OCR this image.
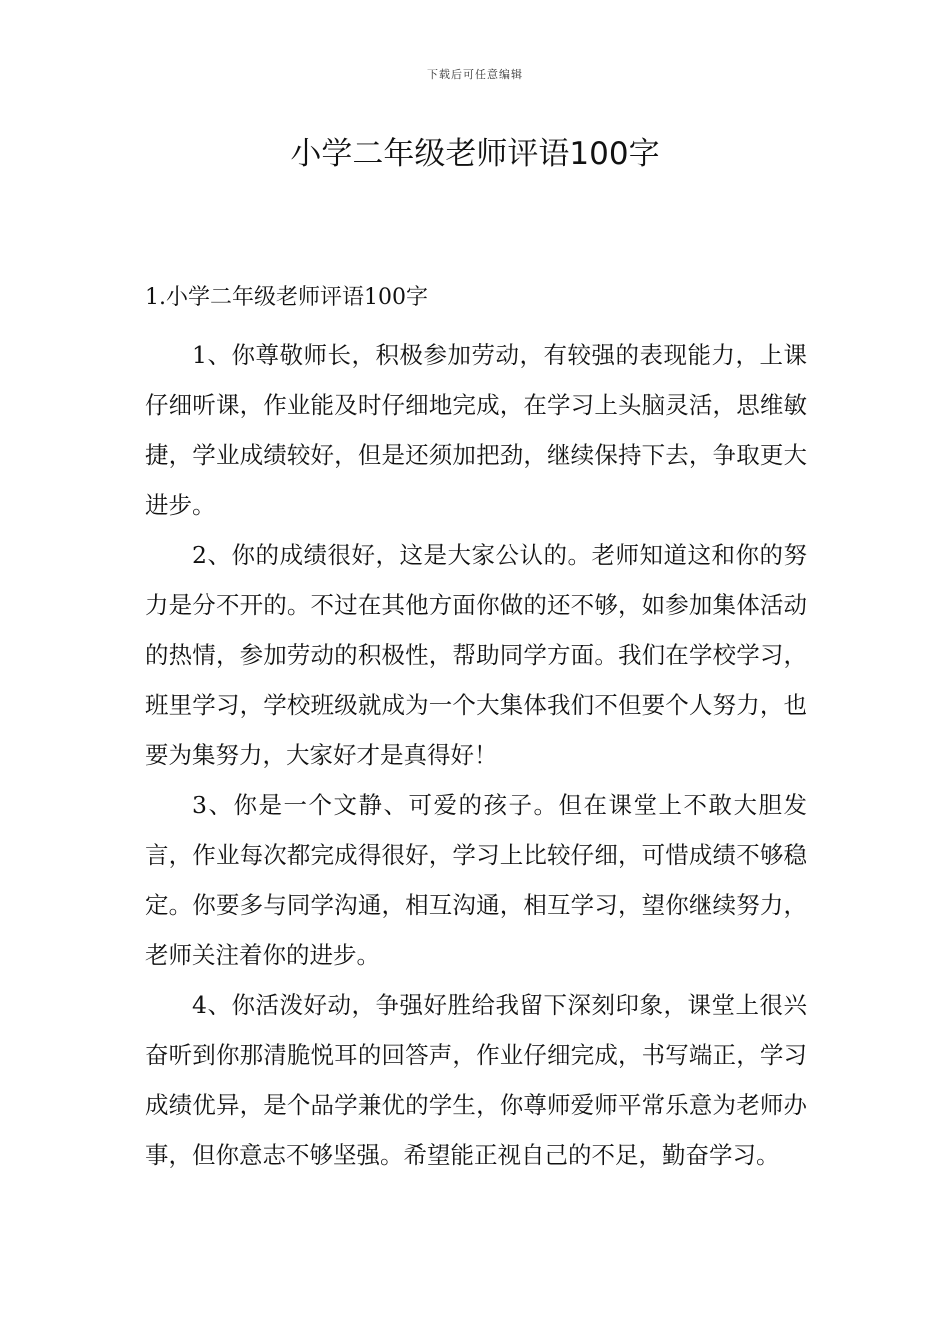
下载后可任意编辑
小学二年级老师评语100字
1.小学二年级老师评语100字

1、你尊敬师长，积极参加劳动，有较强的表现能力，上课仔细听课，作业能及时仔细地完成，在学习上头脑灵活，思维敏捷，学业成绩较好，但是还须加把劲，继续保持下去，争取更大进步。

2、你的成绩很好，这是大家公认的。老师知道这和你的努力是分不开的。不过在其他方面你做的还不够，如参加集体活动的热情，参加劳动的积极性，帮助同学方面。我们在学校学习，班里学习，学校班级就成为一个大集体我们不但要个人努力，也要为集努力，大家好才是真得好！

3、你是一个文静、可爱的孩子。但在课堂上不敢大胆发言，作业每次都完成得很好，学习上比较仔细，可惜成绩不够稳定。你要多与同学沟通，相互沟通，相互学习，望你继续努力，老师关注着你的进步。

4、你活泼好动，争强好胜给我留下深刻印象，课堂上很兴奋听到你那清脆悦耳的回答声，作业仔细完成，书写端正，学习成绩优异，是个品学兼优的学生，你尊师爱师平常乐意为老师办事，但你意志不够坚强。希望能正视自己的不足，勤奋学习。
